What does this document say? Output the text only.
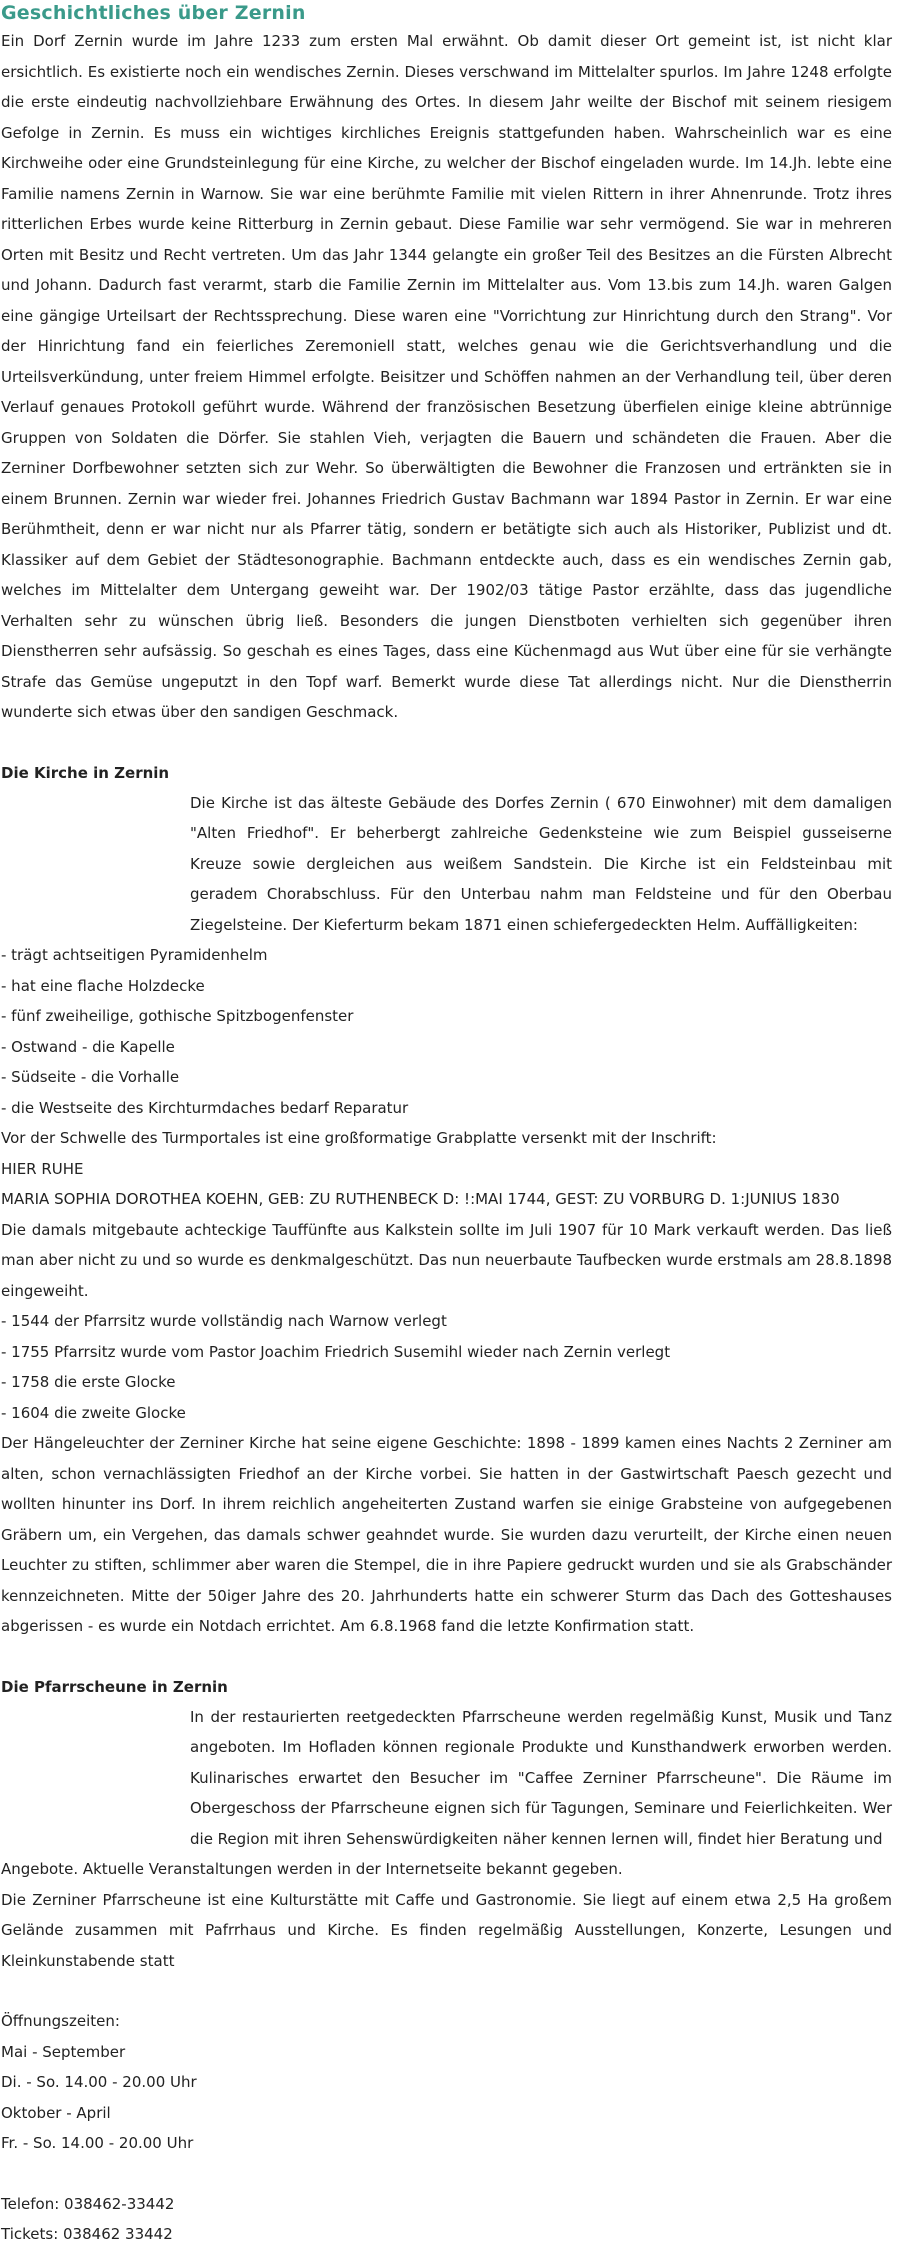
Geschichtliches über Zernin

Ein Dorf Zernin wurde im Jahre 1233 zum ersten Mal erwähnt. Ob damit dieser Ort gemeint ist, ist nicht klar ersichtlich. Es existierte noch ein wendisches Zernin. Dieses verschwand im Mittelalter spurlos. Im Jahre 1248 erfolgte die erste eindeutig nachvollziehbare Erwähnung des Ortes. In diesem Jahr weilte der Bischof mit seinem riesigem Gefolge in Zernin. Es muss ein wichtiges kirchliches Ereignis stattgefunden haben. Wahrscheinlich war es eine Kirchweihe oder eine Grundsteinlegung für eine Kirche, zu welcher der Bischof eingeladen wurde. Im 14.Jh. lebte eine Familie namens Zernin in Warnow. Sie war eine berühmte Familie mit vielen Rittern in ihrer Ahnenrunde. Trotz ihres ritterlichen Erbes wurde keine Ritterburg in Zernin gebaut. Diese Familie war sehr vermögend. Sie war in mehreren Orten mit Besitz und Recht vertreten. Um das Jahr 1344 gelangte ein großer Teil des Besitzes an die Fürsten Albrecht und Johann. Dadurch fast verarmt, starb die Familie Zernin im Mittelalter aus. Vom 13.bis zum 14.Jh. waren Galgen eine gängige Urteilsart der Rechtssprechung. Diese waren eine "Vorrichtung zur Hinrichtung durch den Strang". Vor der Hinrichtung fand ein feierliches Zeremoniell statt, welches genau wie die Gerichtsverhandlung und die Urteilsverkündung, unter freiem Himmel erfolgte. Beisitzer und Schöffen nahmen an der Verhandlung teil, über deren Verlauf genaues Protokoll geführt wurde. Während der französischen Besetzung überfielen einige kleine abtrünnige Gruppen von Soldaten die Dörfer. Sie stahlen Vieh, verjagten die Bauern und schändeten die Frauen. Aber die Zerniner Dorfbewohner setzten sich zur Wehr. So überwältigten die Bewohner die Franzosen und ertränkten sie in einem Brunnen. Zernin war wieder frei. Johannes Friedrich Gustav Bachmann war 1894 Pastor in Zernin. Er war eine Berühmtheit, denn er war nicht nur als Pfarrer tätig, sondern er betätigte sich auch als Historiker, Publizist und dt. Klassiker auf dem Gebiet der Städtesonographie. Bachmann entdeckte auch, dass es ein wendisches Zernin gab, welches im Mittelalter dem Untergang geweiht war. Der 1902/03 tätige Pastor erzählte, dass das jugendliche Verhalten sehr zu wünschen übrig ließ. Besonders die jungen Dienstboten verhielten sich gegenüber ihren Dienstherren sehr aufsässig. So geschah es eines Tages, dass eine Küchenmagd aus Wut über eine für sie verhängte Strafe das Gemüse ungeputzt in den Topf warf. Bemerkt wurde diese Tat allerdings nicht. Nur die Dienstherrin wunderte sich etwas über den sandigen Geschmack.

Die Kirche in Zernin

Die Kirche ist das älteste Gebäude des Dorfes Zernin ( 670 Einwohner) mit dem damaligen "Alten Friedhof". Er beherbergt zahlreiche Gedenksteine wie zum Beispiel gusseiserne Kreuze sowie dergleichen aus weißem Sandstein. Die Kirche ist ein Feldsteinbau mit geradem Chorabschluss. Für den Unterbau nahm man Feldsteine und für den Oberbau Ziegelsteine. Der Kieferturm bekam 1871 einen schiefergedeckten Helm. Auffälligkeiten:

- trägt achtseitigen Pyramidenhelm

- hat eine flache Holzdecke

- fünf zweiheilige, gothische Spitzbogenfenster

- Ostwand - die Kapelle

- Südseite - die Vorhalle

- die Westseite des Kirchturmdaches bedarf Reparatur

Vor der Schwelle des Turmportales ist eine großformatige Grabplatte versenkt mit der Inschrift:

HIER RUHE

MARIA SOPHIA DOROTHEA KOEHN, GEB: ZU RUTHENBECK D: !:MAI 1744, GEST: ZU VORBURG D. 1:JUNIUS 1830

Die damals mitgebaute achteckige Tauffünfte aus Kalkstein sollte im Juli 1907 für 10 Mark verkauft werden. Das ließ man aber nicht zu und so wurde es denkmalgeschützt. Das nun neuerbaute Taufbecken wurde erstmals am 28.8.1898 eingeweiht.

- 1544 der Pfarrsitz wurde vollständig nach Warnow verlegt

- 1755 Pfarrsitz wurde vom Pastor Joachim Friedrich Susemihl wieder nach Zernin verlegt

- 1758 die erste Glocke

- 1604 die zweite Glocke

Der Hängeleuchter der Zerniner Kirche hat seine eigene Geschichte: 1898 - 1899 kamen eines Nachts 2 Zerniner am alten, schon vernachlässigten Friedhof an der Kirche vorbei. Sie hatten in der Gastwirtschaft Paesch gezecht und wollten hinunter ins Dorf. In ihrem reichlich angeheiterten Zustand warfen sie einige Grabsteine von aufgegebenen Gräbern um, ein Vergehen, das damals schwer geahndet wurde. Sie wurden dazu verurteilt, der Kirche einen neuen Leuchter zu stiften, schlimmer aber waren die Stempel, die in ihre Papiere gedruckt wurden und sie als Grabschänder kennzeichneten. Mitte der 50iger Jahre des 20. Jahrhunderts hatte ein schwerer Sturm das Dach des Gotteshauses abgerissen - es wurde ein Notdach errichtet. Am 6.8.1968 fand die letzte Konfirmation statt.

Die Pfarrscheune in Zernin

In der restaurierten reetgedeckten Pfarrscheune werden regelmäßig Kunst, Musik und Tanz angeboten. Im Hofladen können regionale Produkte und Kunsthandwerk erworben werden. Kulinarisches erwartet den Besucher im "Caffee Zerniner Pfarrscheune". Die Räume im Obergeschoss der Pfarrscheune eignen sich für Tagungen, Seminare und Feierlichkeiten. Wer die Region mit ihren Sehenswürdigkeiten näher kennen lernen will, findet hier Beratung und

Angebote. Aktuelle Veranstaltungen werden in der Internetseite bekannt gegeben.

Die Zerniner Pfarrscheune ist eine Kulturstätte mit Caffe und Gastronomie. Sie liegt auf einem etwa 2,5 Ha großem Gelände zusammen mit Pafrrhaus und Kirche. Es finden regelmäßig Ausstellungen, Konzerte, Lesungen und Kleinkunstabende statt

Öffnungszeiten:

Mai - September

Di. - So. 14.00 - 20.00 Uhr

Oktober - April

Fr. - So. 14.00 - 20.00 Uhr

Telefon: 038462-33442

Tickets: 038462 33442
